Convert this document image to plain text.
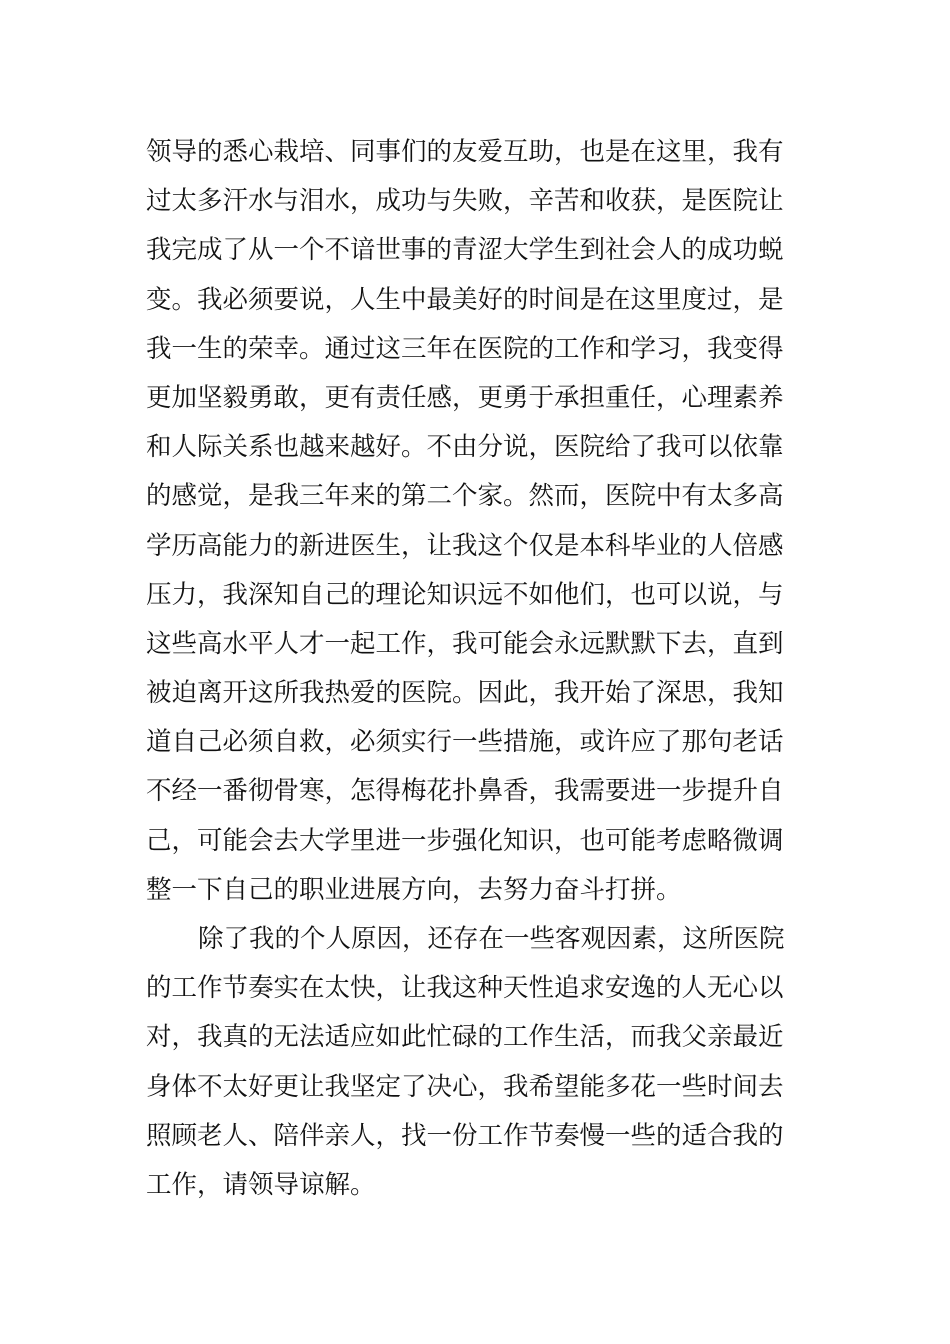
领导的悉心栽培、同事们的友爱互助，也是在这里，我有
过太多汗水与泪水，成功与失败，辛苦和收获，是医院让
我完成了从一个不谙世事的青涩大学生到社会人的成功蜕
变。我必须要说，人生中最美好的时间是在这里度过，是
我一生的荣幸。通过这三年在医院的工作和学习，我变得
更加坚毅勇敢，更有责任感，更勇于承担重任，心理素养
和人际关系也越来越好。不由分说，医院给了我可以依靠
的感觉，是我三年来的第二个家。然而，医院中有太多高
学历高能力的新进医生，让我这个仅是本科毕业的人倍感
压力，我深知自己的理论知识远不如他们，也可以说，与
这些高水平人才一起工作，我可能会永远默默下去，直到
被迫离开这所我热爱的医院。因此，我开始了深思，我知
道自己必须自救，必须实行一些措施，或许应了那句老话
不经一番彻骨寒，怎得梅花扑鼻香，我需要进一步提升自
己，可能会去大学里进一步强化知识，也可能考虑略微调
整一下自己的职业进展方向，去努力奋斗打拼。
除了我的个人原因，还存在一些客观因素，这所医院
的工作节奏实在太快，让我这种天性追求安逸的人无心以
对，我真的无法适应如此忙碌的工作生活，而我父亲最近
身体不太好更让我坚定了决心，我希望能多花一些时间去
照顾老人、陪伴亲人，找一份工作节奏慢一些的适合我的
工作，请领导谅解。
